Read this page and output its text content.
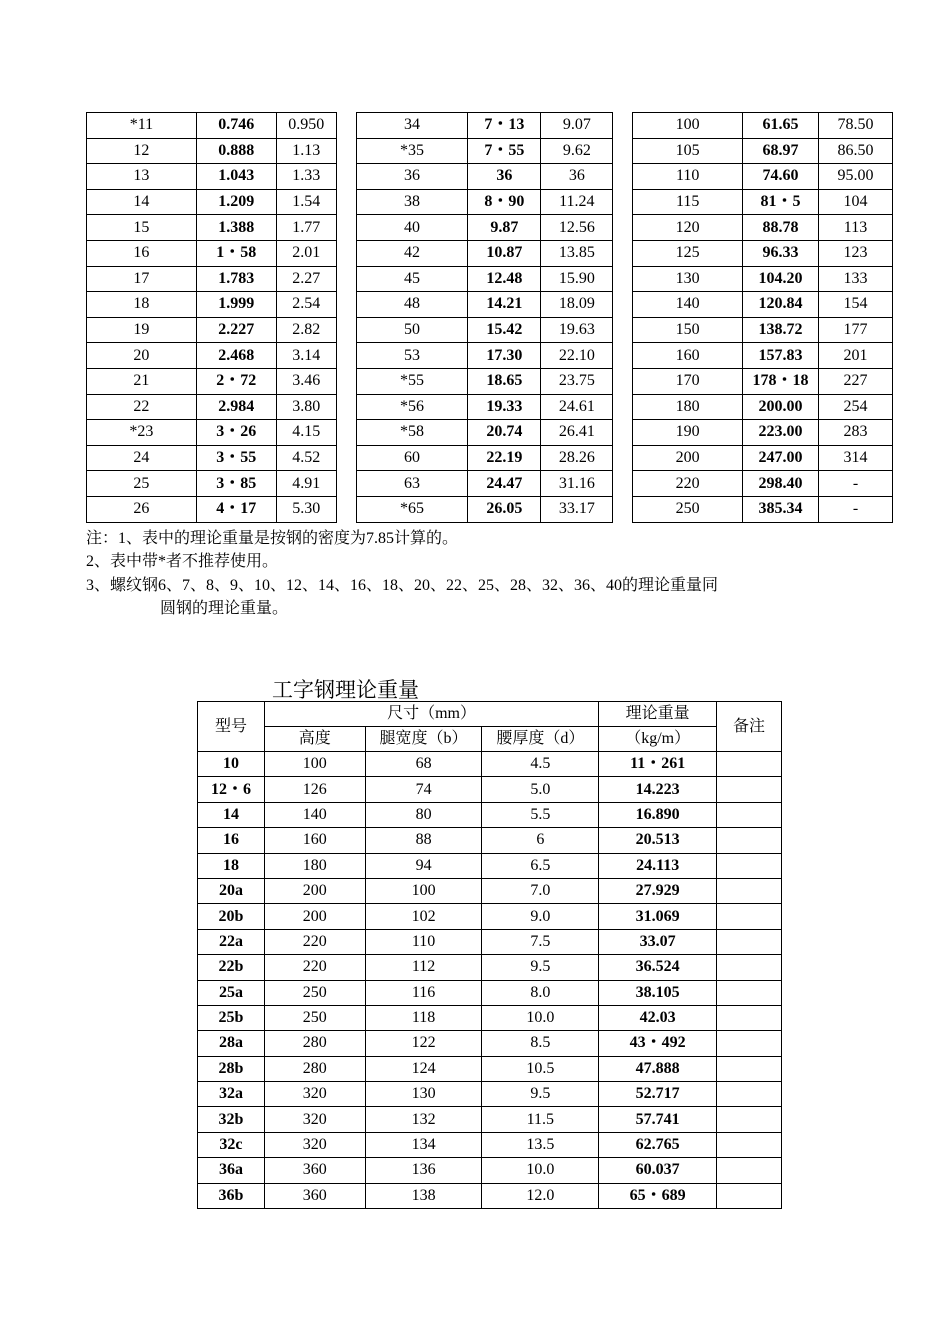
*11	0.746	0.950		34	7・13	9.07		100	61.65	78.50
12	0.888	1.13		*35	7・55	9.62		105	68.97	86.50
13	1.043	1.33		36	36	36		110	74.60	95.00
14	1.209	1.54		38	8・90	11.24		115	81・5	104
15	1.388	1.77		40	9.87	12.56		120	88.78	113
16	1・58	2.01		42	10.87	13.85		125	96.33	123
17	1.783	2.27		45	12.48	15.90		130	104.20	133
18	1.999	2.54		48	14.21	18.09		140	120.84	154
19	2.227	2.82		50	15.42	19.63		150	138.72	177
20	2.468	3.14		53	17.30	22.10		160	157.83	201
21	2・72	3.46		*55	18.65	23.75		170	178・18	227
22	2.984	3.80		*56	19.33	24.61		180	200.00	254
*23	3・26	4.15		*58	20.74	26.41		190	223.00	283
24	3・55	4.52		60	22.19	28.26		200	247.00	314
25	3・85	4.91		63	24.47	31.16		220	298.40	-
26	4・17	5.30		*65	26.05	33.17		250	385.34	-
注：1、表中的理论重量是按钢的密度为7.85计算的。
2、表中带*者不推荐使用。
3、螺纹钢6、7、8、9、10、12、14、16、18、20、22、25、28、32、36、40的理论重量同
圆钢的理论重量。
工字钢理论重量
型号	尺寸（mm）			理论重量	备注
	高度	腿宽度（b）	腰厚度（d）	（kg/m）	
10	100	68	4.5	11・261	
12・6	126	74	5.0	14.223	
14	140	80	5.5	16.890	
16	160	88	6	20.513	
18	180	94	6.5	24.113	
20a	200	100	7.0	27.929	
20b	200	102	9.0	31.069	
22a	220	110	7.5	33.07	
22b	220	112	9.5	36.524	
25a	250	116	8.0	38.105	
25b	250	118	10.0	42.03	
28a	280	122	8.5	43・492	
28b	280	124	10.5	47.888	
32a	320	130	9.5	52.717	
32b	320	132	11.5	57.741	
32c	320	134	13.5	62.765	
36a	360	136	10.0	60.037	
36b	360	138	12.0	65・689	
